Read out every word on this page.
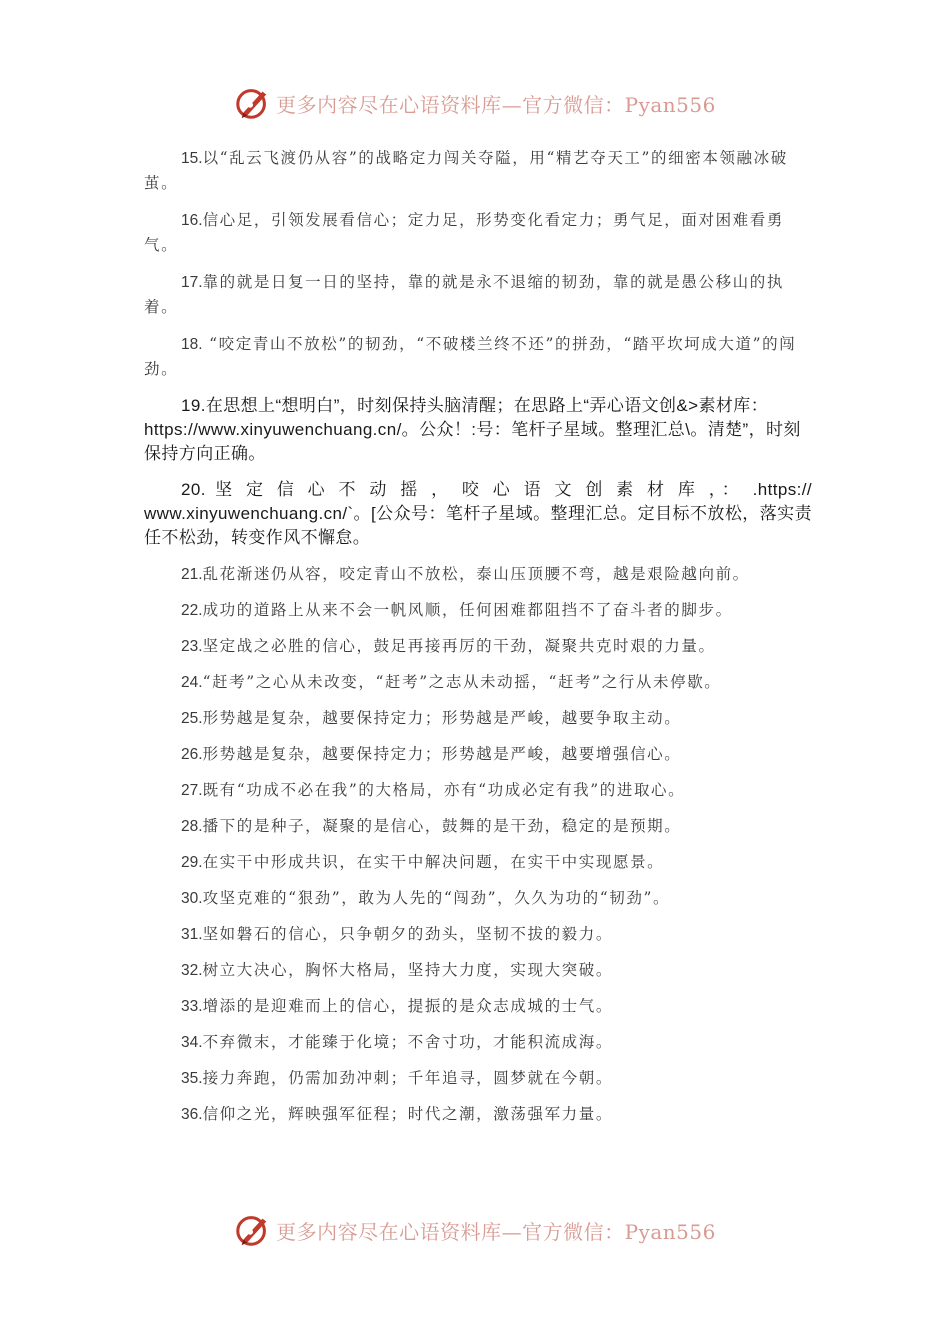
更多内容尽在心语资料库—官方微信：Pyan556

15.以“乱云飞渡仍从容”的战略定力闯关夺隘，用“精艺夺天工”的细密本领融冰破茧。

16.信心足，引领发展看信心；定力足，形势变化看定力；勇气足，面对困难看勇气。

17.靠的就是日复一日的坚持，靠的就是永不退缩的韧劲，靠的就是愚公移山的执着。

18. “咬定青山不放松”的韧劲，“不破楼兰终不还”的拼劲，“踏平坎坷成大道”的闯劲。

19.在思想上“想明白”，时刻保持头脑清醒；在思路上“弄心语文创&>素材库：https://www.xinyuwenchuang.cn/。公众！:号：笔杆子星域。整理汇总\。清楚”，时刻保持方向正确。

20. 坚 定 信 心 不 动 摇 ， 咬 心 语 文 创 素 材 库 ，： .https:// www.xinyuwenchuang.cn/`。[公众号：笔杆子星域。整理汇总。定目标不放松，落实责任不松劲，转变作风不懈怠。

21.乱花渐迷仍从容，咬定青山不放松，泰山压顶腰不弯，越是艰险越向前。

22.成功的道路上从来不会一帆风顺，任何困难都阻挡不了奋斗者的脚步。

23.坚定战之必胜的信心，鼓足再接再厉的干劲，凝聚共克时艰的力量。

24.“赶考”之心从未改变，“赶考”之志从未动摇，“赶考”之行从未停歇。

25.形势越是复杂，越要保持定力；形势越是严峻，越要争取主动。

26.形势越是复杂，越要保持定力；形势越是严峻，越要增强信心。

27.既有“功成不必在我”的大格局，亦有“功成必定有我”的进取心。

28.播下的是种子，凝聚的是信心，鼓舞的是干劲，稳定的是预期。

29.在实干中形成共识，在实干中解决问题，在实干中实现愿景。

30.攻坚克难的“狠劲”，敢为人先的“闯劲”，久久为功的“韧劲”。

31.坚如磐石的信心，只争朝夕的劲头，坚韧不拔的毅力。

32.树立大决心，胸怀大格局，坚持大力度，实现大突破。

33.增添的是迎难而上的信心，提振的是众志成城的士气。

34.不弃微末，才能臻于化境；不舍寸功，才能积流成海。

35.接力奔跑，仍需加劲冲刺；千年追寻，圆梦就在今朝。

36.信仰之光，辉映强军征程；时代之潮，激荡强军力量。

更多内容尽在心语资料库—官方微信：Pyan556
